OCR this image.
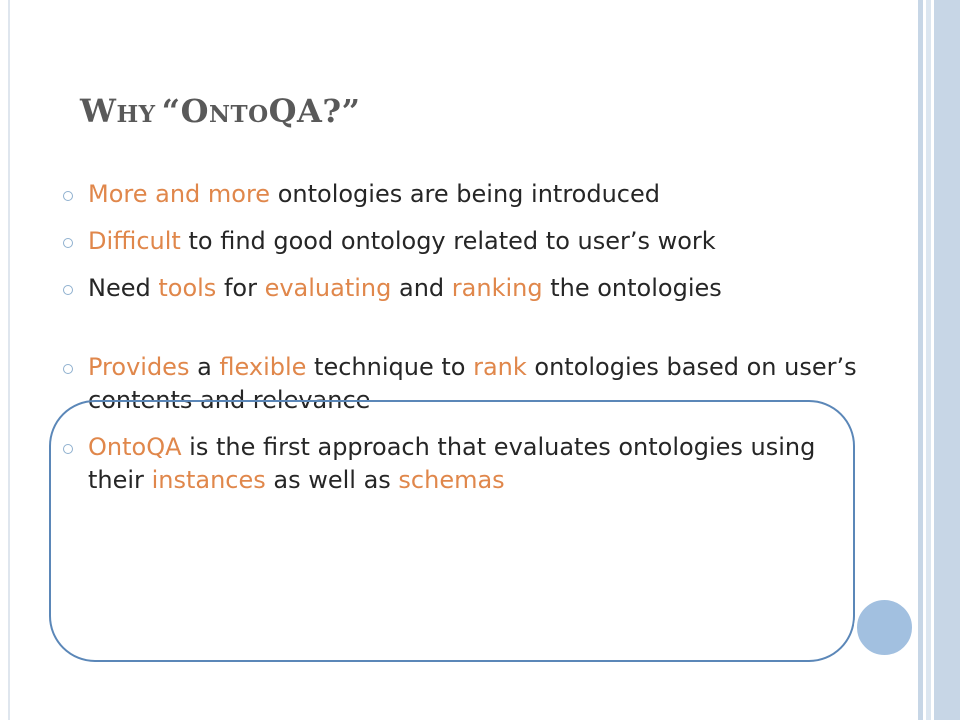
WHY “ONTOQA?”
More and more ontologies are being introduced
Difficult to find good ontology related to user’s work
Need tools for evaluating and ranking the ontologies
Provides a flexible technique to rank ontologies based on user’s contents and relevance
OntoQA is the first approach that evaluates ontologies using their instances as well as schemas
